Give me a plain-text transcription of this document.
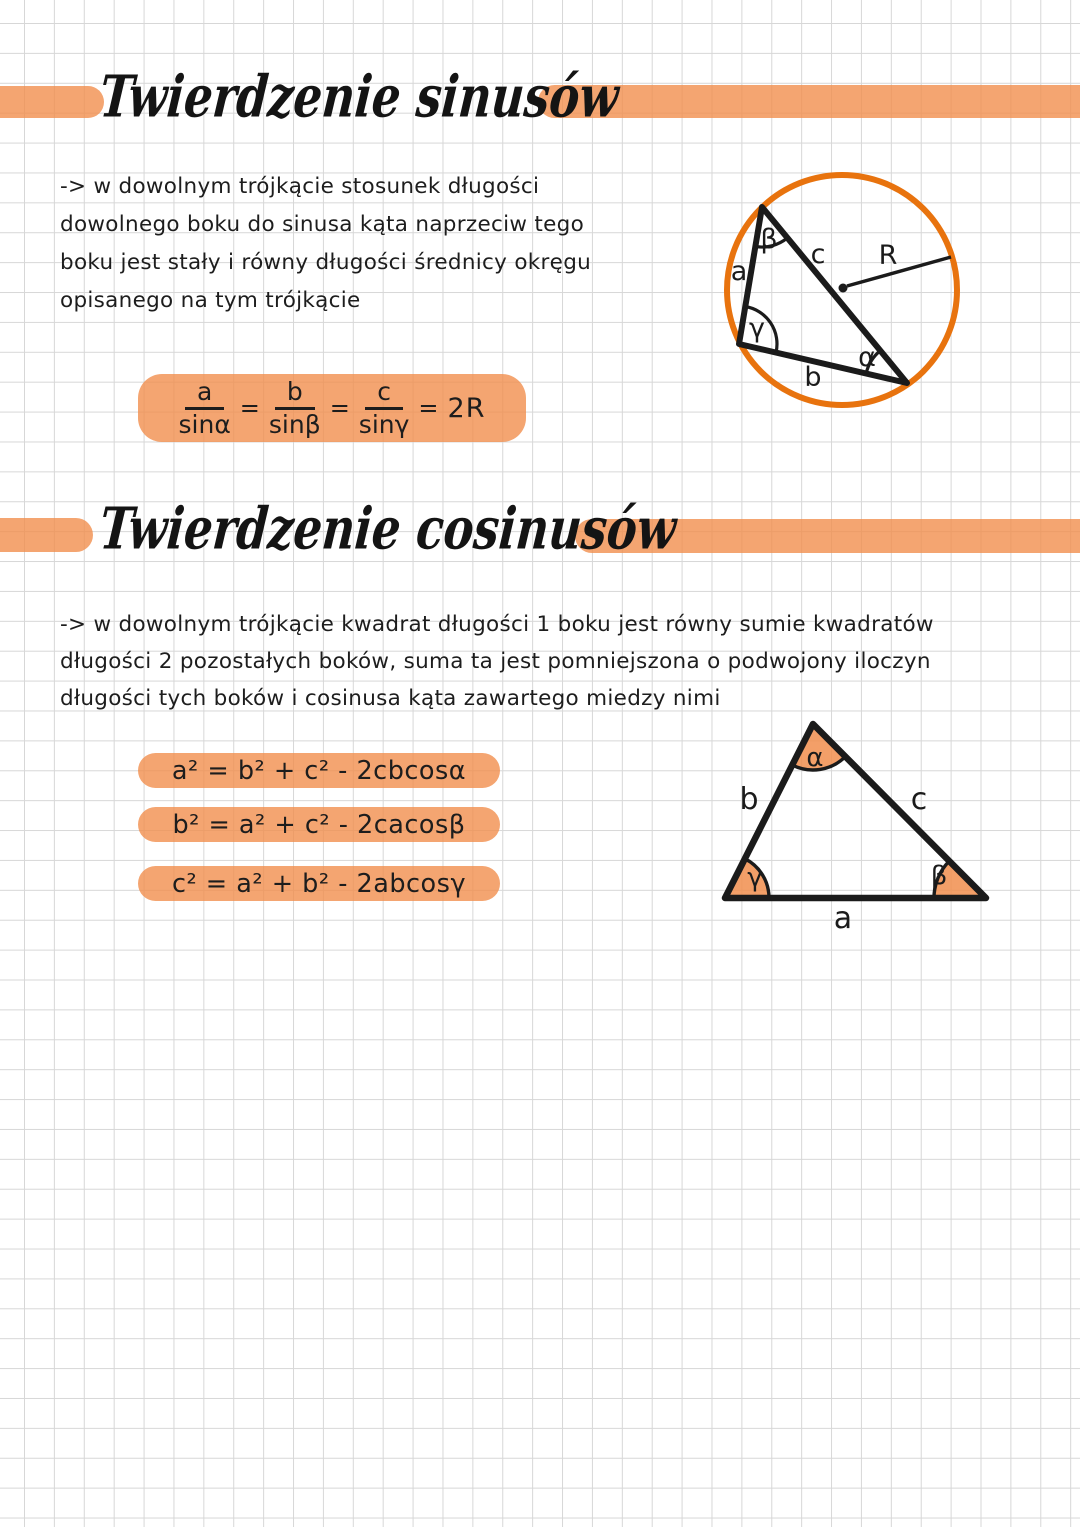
Twierdzenie sinusów
-> w dowolnym trójkącie stosunek długości
dowolnego boku do sinusa kąta naprzeciw tego
boku jest stały i równy długości średnicy okręgu
opisanego na tym trójkącie
$\frac{a}{\sin\alpha} = \frac{b}{\sin\beta} = \frac{c}{\sin\gamma} = 2R$
β
a
c R
γ
α
b
Twierdzenie cosinusów
-> w dowolnym trójkącie kwadrat długości 1 boku jest równy sumie kwadratów
długości 2 pozostałych boków, suma ta jest pomniejszona o podwojony iloczyn
długości tych boków i cosinusa kąta zawartego miedzy nimi
a² = b² + c² - 2cbcosα
b² = a² + c² - 2cacosβ
c² = a² + b² - 2abcosγ
α
γ	β
b	c
a
